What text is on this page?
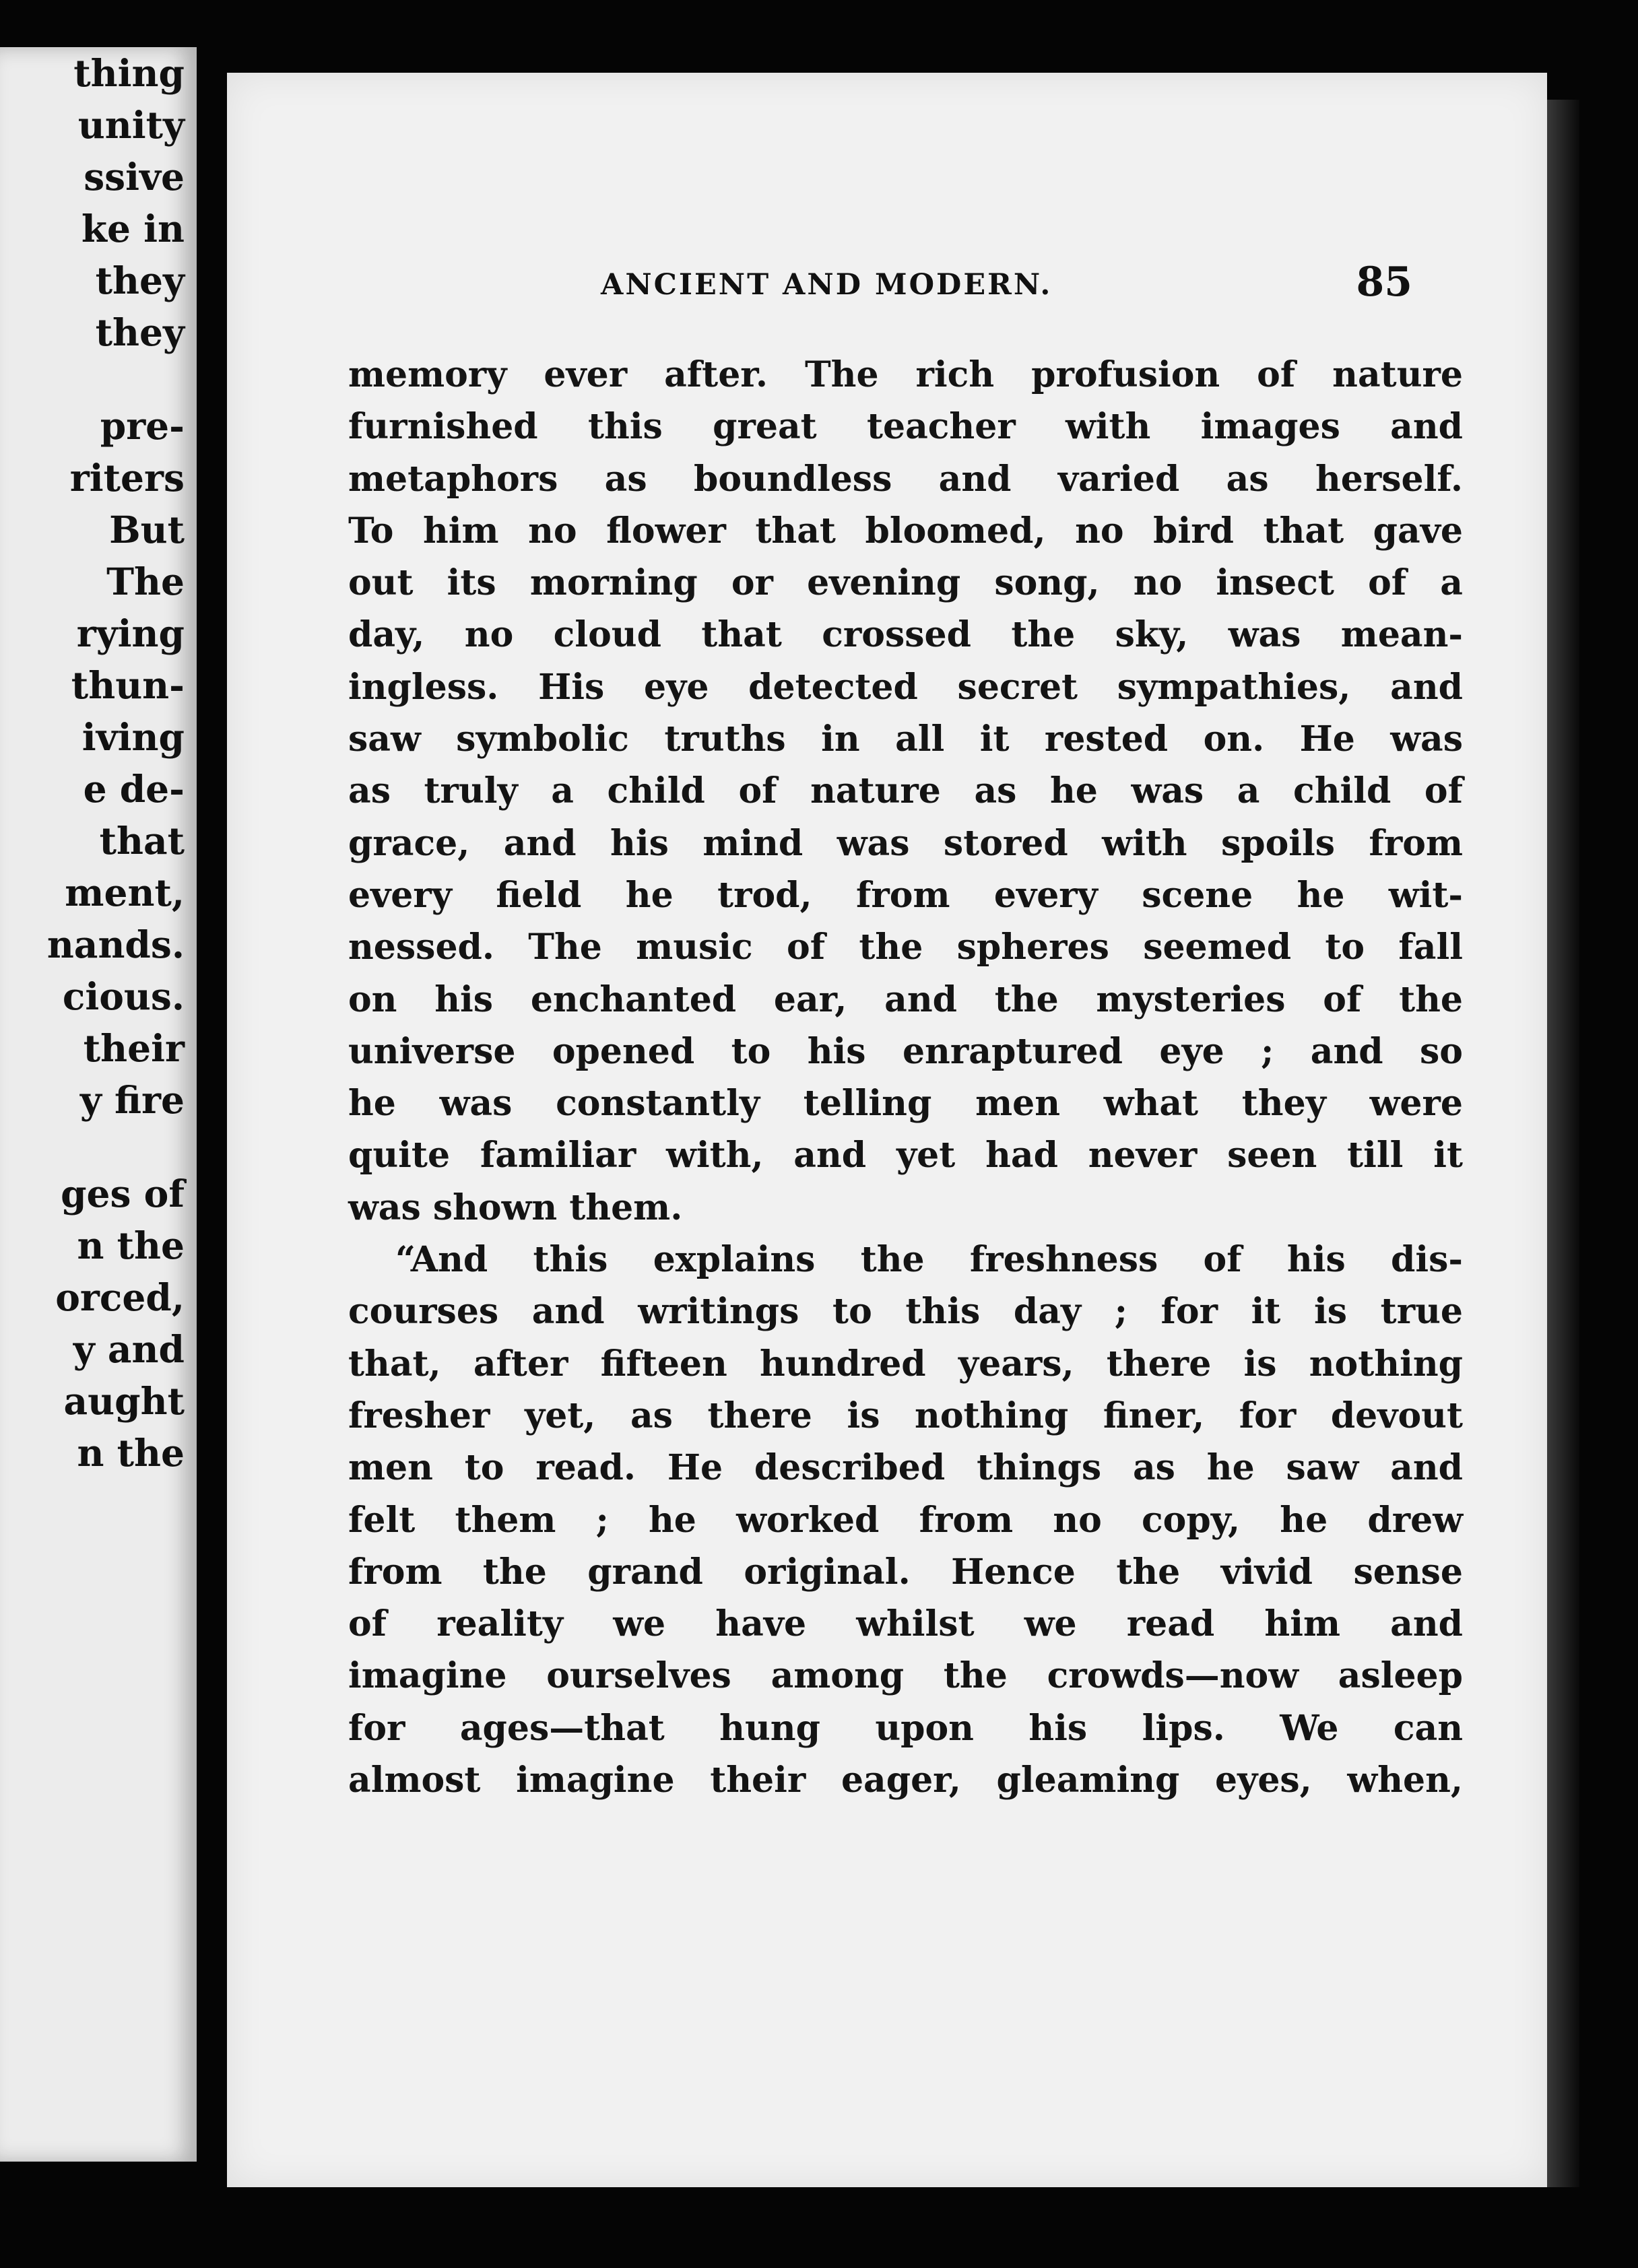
thing
unity
ssive
ke in
they
they
pre-
riters
But
The
rying
thun-
iving
e de-
that
ment,
nands.
cious.
their
y fire
ges of
n the
orced,
y and
aught
n the
ANCIENT AND MODERN.	85
memory ever after. The rich profusion of nature
furnished this great teacher with images and
metaphors as boundless and varied as herself.
To him no flower that bloomed, no bird that gave
out its morning or evening song, no insect of a
day, no cloud that crossed the sky, was mean-
ingless. His eye detected secret sympathies, and
saw symbolic truths in all it rested on. He was
as truly a child of nature as he was a child of
grace, and his mind was stored with spoils from
every field he trod, from every scene he wit-
nessed. The music of the spheres seemed to fall
on his enchanted ear, and the mysteries of the
universe opened to his enraptured eye ; and so
he was constantly telling men what they were
quite familiar with, and yet had never seen till it
was shown them.
“And this explains the freshness of his dis-
courses and writings to this day ; for it is true
that, after fifteen hundred years, there is nothing
fresher yet, as there is nothing finer, for devout
men to read. He described things as he saw and
felt them ; he worked from no copy, he drew
from the grand original. Hence the vivid sense
of reality we have whilst we read him and
imagine ourselves among the crowds—now asleep
for ages—that hung upon his lips. We can
almost imagine their eager, gleaming eyes, when,
